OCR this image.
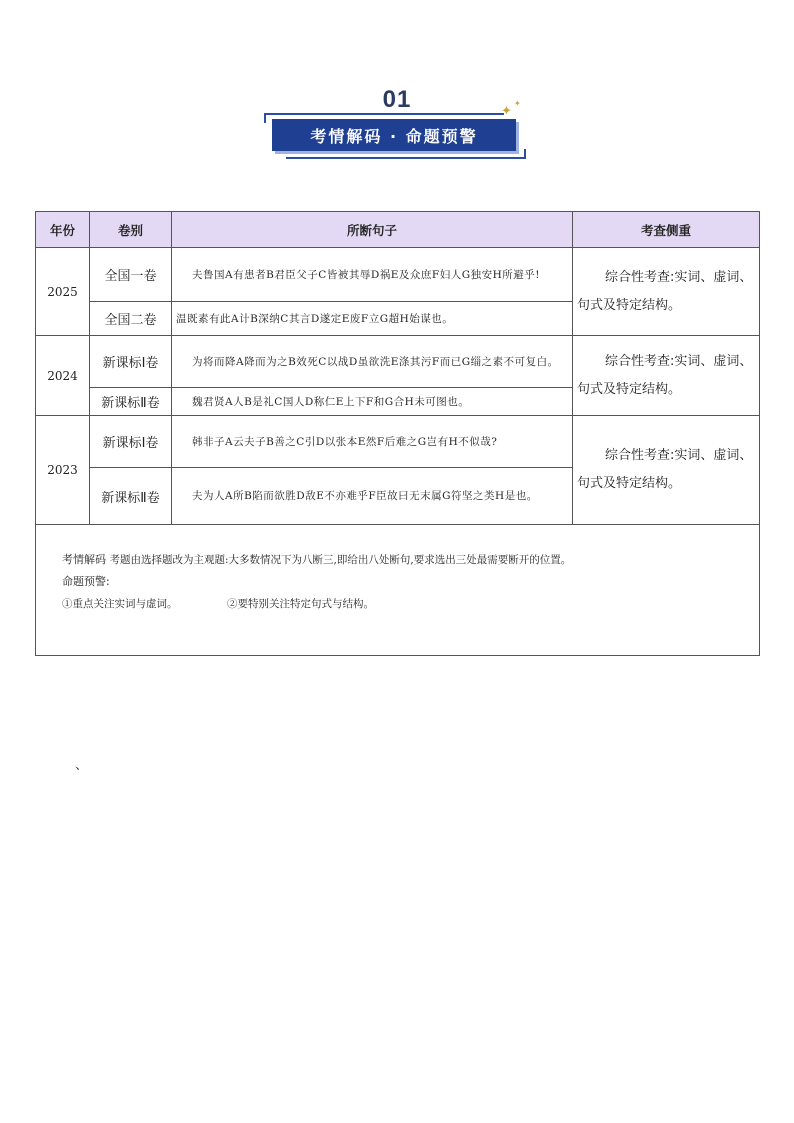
01
考情解码 · 命题预警
✦
✦
年份	卷别	所断句子	考查侧重
2025	全国一卷	夫鲁国A有患者B君臣父子C皆被其辱D祸E及众庶F妇人G独安H所避乎!	综合性考查:实词、虚词、句式及特定结构。

	全国二卷	温既素有此A计B深纳C其言D遂定E废F立G超H始谋也。	
2024	新课标Ⅰ卷	为将而降A降而为之B效死C以战D虽欲洗E涤其污F而已G缁之素不可复白。	综合性考查:实词、虚词、句式及特定结构。

	新课标Ⅱ卷	魏君贤A人B是礼C国人D称仁E上下F和G合H未可图也。	
2023	新课标Ⅰ卷	韩非子A云夫子B善之C引D以张本E然F后难之G岂有H不似哉?	综合性考查:实词、虚词、句式及特定结构。

	新课标Ⅱ卷	夫为人A所B陷而欲胜D敌E不亦难乎F臣故曰无末属G符坚之类H是也。	

考情解码 考题由选择题改为主观题:大多数情况下为八断三,即给出八处断句,要求选出三处最需要断开的位置。
命题预警:
①重点关注实词与虚词。 ②要特别关注特定句式与结构。			
、
